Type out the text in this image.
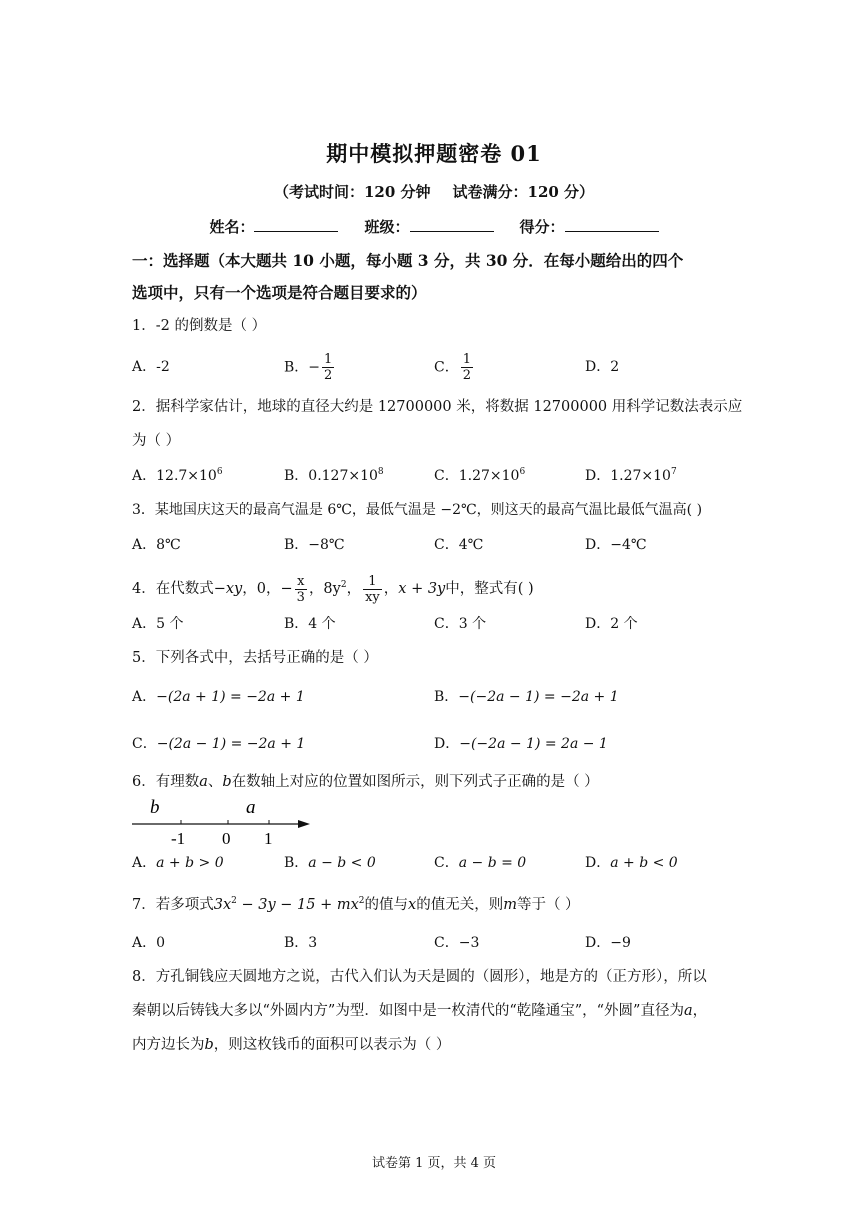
期中模拟押题密卷 01
（考试时间：120 分钟 试卷满分：120 分）
姓名：	班级：	得分：
一：选择题（本大题共 10 小题，每小题 3 分，共 30 分．在每小题给出的四个
选项中，只有一个选项是符合题目要求的）
1．-2 的倒数是（ ）
A．-2	B．− $\frac{1}{2}$	C． $\frac{1}{2}$	D．2
2．据科学家估计，地球的直径大约是 12700000 米，将数据 12700000 用科学记数法表示应
为（ ）
A．$12.7\times 10^6$	B．$0.127\times 10^8$	C．$1.27\times 10^6$	D．$1.27\times 10^7$
3．某地国庆这天的最高气温是 6℃，最低气温是 −2℃，则这天的最高气温比最低气温高( )
A．8℃	B．−8℃	C．4℃	D．−4℃
4．在代数式−xy，0，− $\frac{x}{3}$ ，$8y^2$， $\frac{1}{xy}$ ，x + 3y中，整式有( )
A．5 个	B．4 个	C．3 个	D．2 个
5．下列各式中，去括号正确的是（ ）
A．−(2a + 1) = −2a + 1	B．−(−2a − 1) = −2a + 1
C．−(2a − 1) = −2a + 1	D．−(−2a − 1) = 2a − 1
6．有理数a、b在数轴上对应的位置如图所示，则下列式子正确的是（ ）
b	a
-1 0 1
A．a + b > 0	B．a − b < 0	C．a − b = 0	D．a + b < 0
7．若多项式$3x^2 - 3y - 15 + mx^2$的值与x的值无关，则m等于（ ）
A．0	B．3	C．−3	D．−9
8．方孔铜钱应天圆地方之说，古代入们认为天是圆的（圆形），地是方的（正方形），所以
秦朝以后铸钱大多以“外圆内方”为型．如图中是一枚清代的“乾隆通宝”，“外圆”直径为a，
内方边长为b，则这枚钱币的面积可以表示为（ ）
试卷第 1 页，共 4 页
